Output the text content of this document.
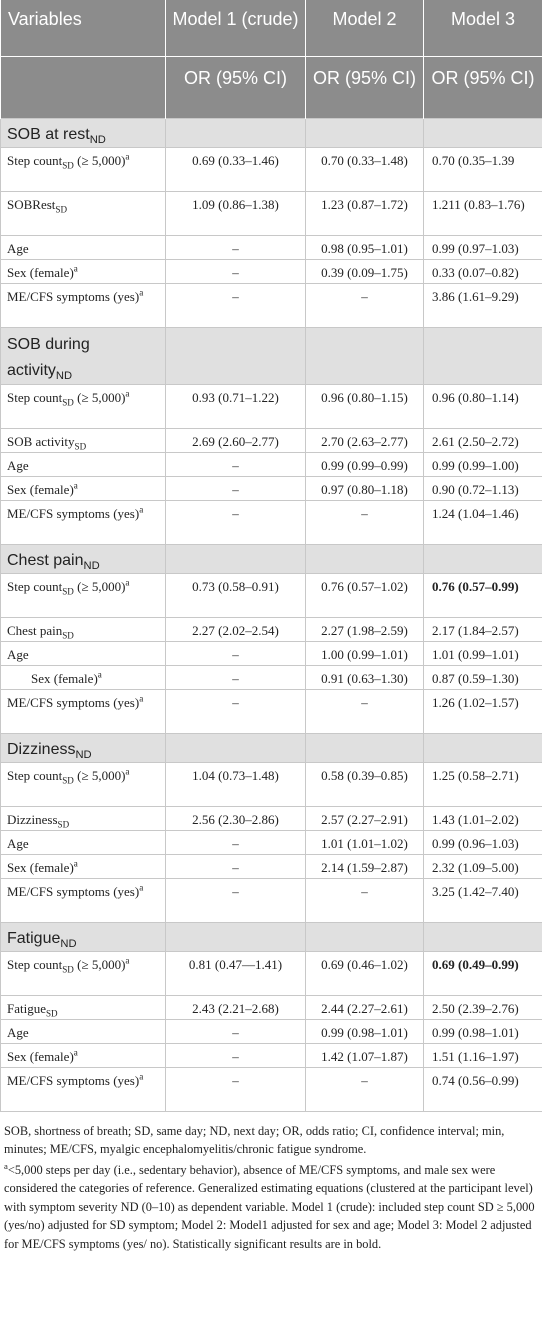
Variables	Model 1 (crude)	Model 2	Model 3
	OR (95% CI)	OR (95% CI)	OR (95% CI)
SOB at rest$_{ND}$			
Step count$_{SD}$ (≥ 5,000)$^a$	0.69 (0.33–1.46)	0.70 (0.33–1.48)	0.70 (0.35–1.39
SOBRest$_{SD}$	1.09 (0.86–1.38)	1.23 (0.87–1.72)	1.211 (0.83–1.76)
Age	–	0.98 (0.95–1.01)	0.99 (0.97–1.03)
Sex (female)$^a$	–	0.39 (0.09–1.75)	0.33 (0.07–0.82)
ME/CFS symptoms (yes)$^a$	–	–	3.86 (1.61–9.29)
SOB during activity$_{ND}$			
Step count$_{SD}$ (≥ 5,000)$^a$	0.93 (0.71–1.22)	0.96 (0.80–1.15)	0.96 (0.80–1.14)
SOB activity$_{SD}$	2.69 (2.60–2.77)	2.70 (2.63–2.77)	2.61 (2.50–2.72)
Age	–	0.99 (0.99–0.99)	0.99 (0.99–1.00)
Sex (female)$^a$	–	0.97 (0.80–1.18)	0.90 (0.72–1.13)
ME/CFS symptoms (yes)$^a$	–	–	1.24 (1.04–1.46)
Chest pain$_{ND}$			
Step count$_{SD}$ (≥ 5,000)$^a$	0.73 (0.58–0.91)	0.76 (0.57–1.02)	0.76 (0.57–0.99)
Chest pain$_{SD}$	2.27 (2.02–2.54)	2.27 (1.98–2.59)	2.17 (1.84–2.57)
Age	–	1.00 (0.99–1.01)	1.01 (0.99–1.01)
Sex (female)$^a$	–	0.91 (0.63–1.30)	0.87 (0.59–1.30)
ME/CFS symptoms (yes)$^a$	–	–	1.26 (1.02–1.57)
Dizziness$_{ND}$			
Step count$_{SD}$ (≥ 5,000)$^a$	1.04 (0.73–1.48)	0.58 (0.39–0.85)	1.25 (0.58–2.71)
Dizziness$_{SD}$	2.56 (2.30–2.86)	2.57 (2.27–2.91)	1.43 (1.01–2.02)
Age	–	1.01 (1.01–1.02)	0.99 (0.96–1.03)
Sex (female)$^a$	–	2.14 (1.59–2.87)	2.32 (1.09–5.00)
ME/CFS symptoms (yes)$^a$	–	–	3.25 (1.42–7.40)
Fatigue$_{ND}$			
Step count$_{SD}$ (≥ 5,000)$^a$	0.81 (0.47––1.41)	0.69 (0.46–1.02)	0.69 (0.49–0.99)
Fatigue$_{SD}$	2.43 (2.21–2.68)	2.44 (2.27–2.61)	2.50 (2.39–2.76)
Age	–	0.99 (0.98–1.01)	0.99 (0.98–1.01)
Sex (female)$^a$	–	1.42 (1.07–1.87)	1.51 (1.16–1.97)
ME/CFS symptoms (yes)$^a$	–	–	0.74 (0.56–0.99)

SOB, shortness of breath; SD, same day; ND, next day; OR, odds ratio; CI, confidence interval; min, minutes; ME/CFS, myalgic encephalomyelitis/chronic fatigue syndrome.

$^a$<5,000 steps per day (i.e., sedentary behavior), absence of ME/CFS symptoms, and male sex were considered the categories of reference. Generalized estimating equations (clustered at the participant level) with symptom severity ND (0–10) as dependent variable. Model 1 (crude): included step count SD ≥ 5,000 (yes/no) adjusted for SD symptom; Model 2: Model1 adjusted for sex and age; Model 3: Model 2 adjusted for ME/CFS symptoms (yes/ no). Statistically significant results are in bold.
